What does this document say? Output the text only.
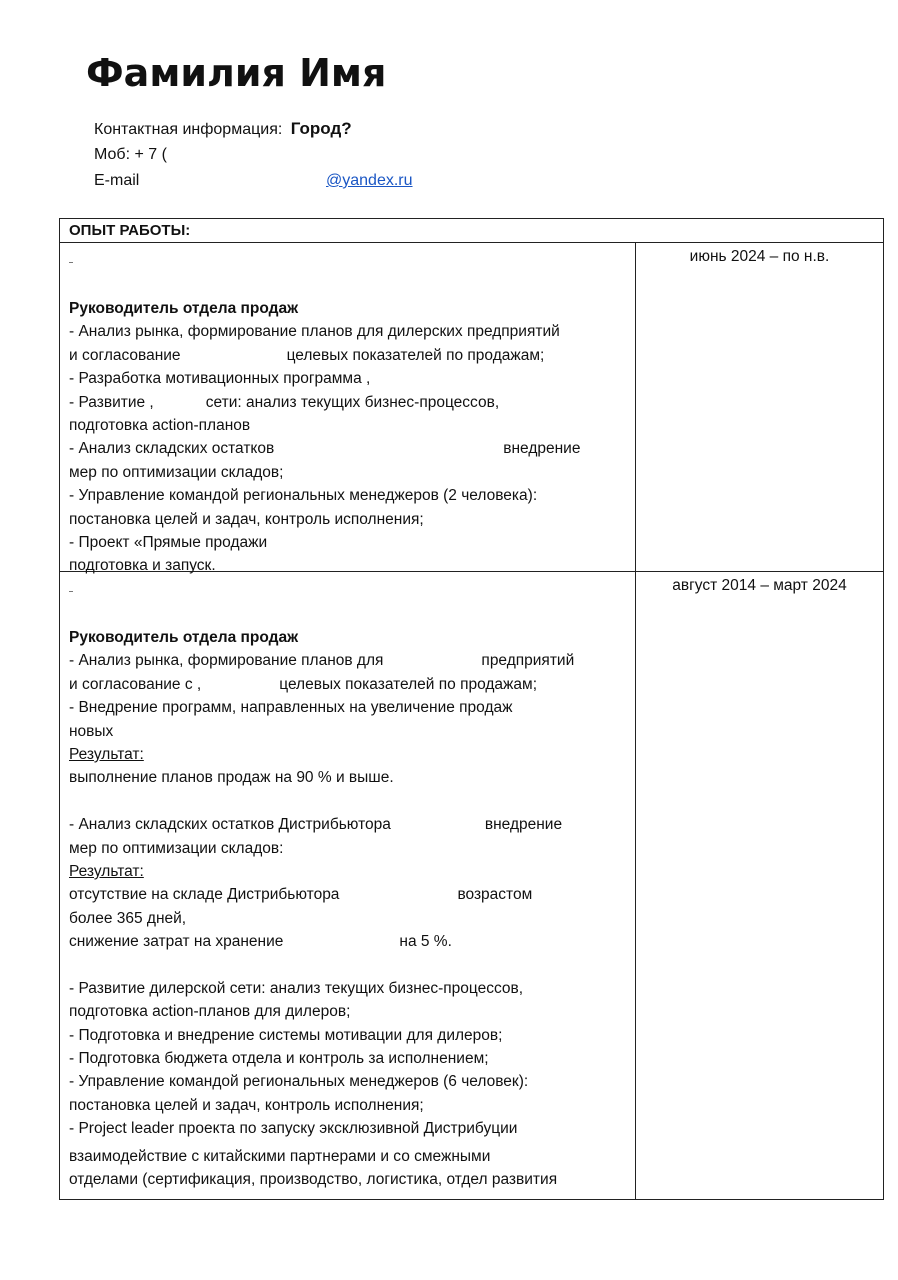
Фамилия Имя
Контактная информация: Город?
Моб: + 7 (
E-mail	@yandex.ru
ОПЫТ РАБОТЫ:
Руководитель отдела продаж
- Анализ рынка, формирование планов для дилерских предприятий
и согласование	целевых показателей по продажам;
- Разработка мотивационных программа ,
- Развитие ,	сети: анализ текущих бизнес-процессов,
подготовка action-планов
- Анализ складских остатков	внедрение
мер по оптимизации складов;
- Управление командой региональных менеджеров (2 человека):
постановка целей и задач, контроль исполнения;
- Проект «Прямые продажи
подготовка и запуск.
июнь 2024 – по н.в.
Руководитель отдела продаж
- Анализ рынка, формирование планов для	предприятий
и согласование с ,	целевых показателей по продажам;
- Внедрение программ, направленных на увеличение продаж
новых
Результат:
выполнение планов продаж на 90 % и выше.
- Анализ складских остатков Дистрибьютора	внедрение
мер по оптимизации складов:
Результат:
отсутствие на складе Дистрибьютора	возрастом
более 365 дней,
снижение затрат на хранение	на 5 %.
- Развитие дилерской сети: анализ текущих бизнес-процессов,
подготовка action-планов для дилеров;
- Подготовка и внедрение системы мотивации для дилеров;
- Подготовка бюджета отдела и контроль за исполнением;
- Управление командой региональных менеджеров (6 человек):
постановка целей и задач, контроль исполнения;
- Project leader проекта по запуску эксклюзивной Дистрибуции
взаимодействие с китайскими партнерами и со смежными
отделами (сертификация, производство, логистика, отдел развития
август 2014 – март 2024
